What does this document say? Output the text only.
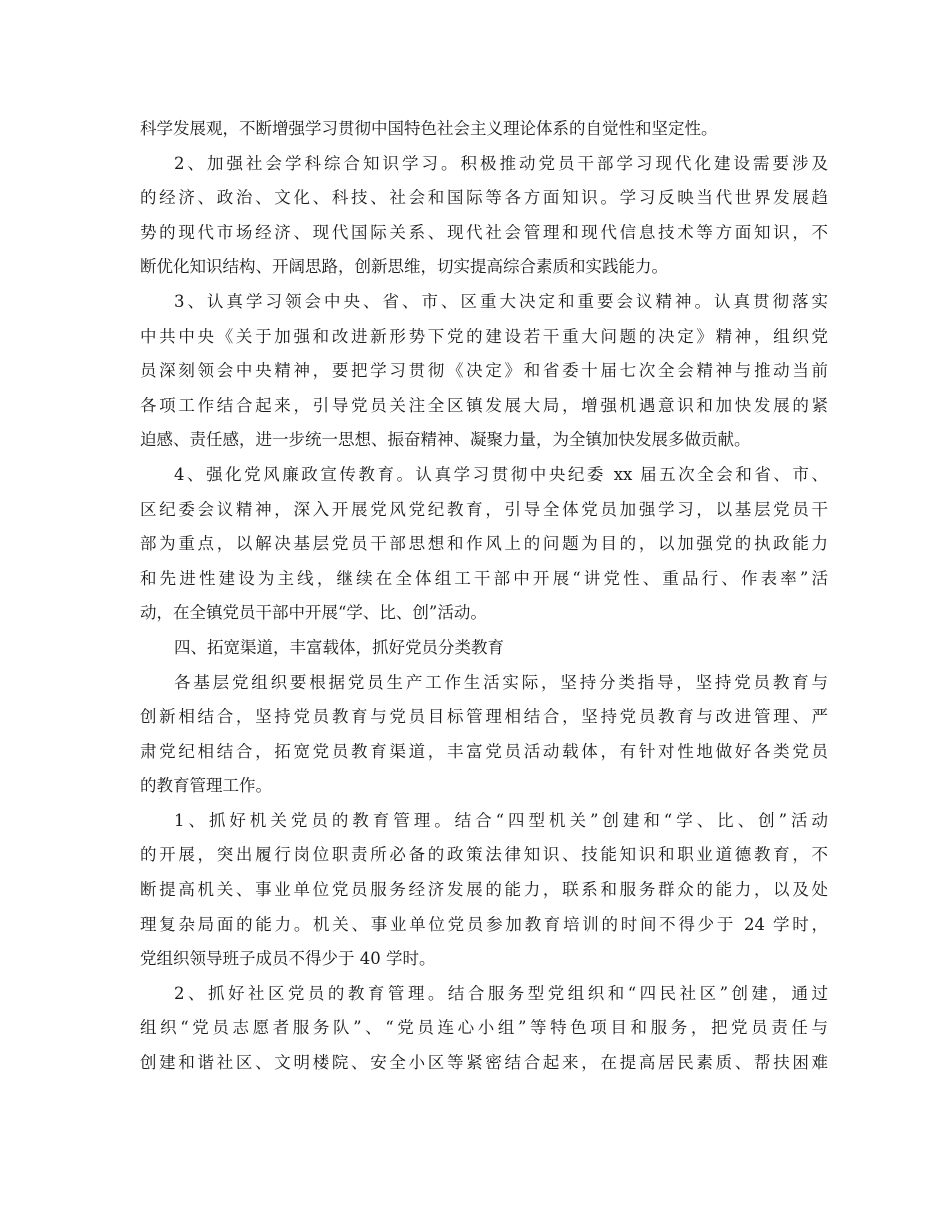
科学发展观，不断增强学习贯彻中国特色社会主义理论体系的自觉性和坚定性。
2、加强社会学科综合知识学习。积极推动党员干部学习现代化建设需要涉及
的经济、政治、文化、科技、社会和国际等各方面知识。学习反映当代世界发展趋
势的现代市场经济、现代国际关系、现代社会管理和现代信息技术等方面知识，不
断优化知识结构、开阔思路，创新思维，切实提高综合素质和实践能力。
3、认真学习领会中央、省、市、区重大决定和重要会议精神。认真贯彻落实
中共中央《关于加强和改进新形势下党的建设若干重大问题的决定》精神，组织党
员深刻领会中央精神，要把学习贯彻《决定》和省委十届七次全会精神与推动当前
各项工作结合起来，引导党员关注全区镇发展大局，增强机遇意识和加快发展的紧
迫感、责任感，进一步统一思想、振奋精神、凝聚力量，为全镇加快发展多做贡献。
4、强化党风廉政宣传教育。认真学习贯彻中央纪委 xx 届五次全会和省、市、
区纪委会议精神，深入开展党风党纪教育，引导全体党员加强学习，以基层党员干
部为重点，以解决基层党员干部思想和作风上的问题为目的，以加强党的执政能力
和先进性建设为主线，继续在全体组工干部中开展“讲党性、重品行、作表率”活
动，在全镇党员干部中开展“学、比、创”活动。
四、拓宽渠道，丰富载体，抓好党员分类教育
各基层党组织要根据党员生产工作生活实际，坚持分类指导，坚持党员教育与
创新相结合，坚持党员教育与党员目标管理相结合，坚持党员教育与改进管理、严
肃党纪相结合，拓宽党员教育渠道，丰富党员活动载体，有针对性地做好各类党员
的教育管理工作。
1、抓好机关党员的教育管理。结合“四型机关”创建和“学、比、创”活动
的开展，突出履行岗位职责所必备的政策法律知识、技能知识和职业道德教育，不
断提高机关、事业单位党员服务经济发展的能力，联系和服务群众的能力，以及处
理复杂局面的能力。机关、事业单位党员参加教育培训的时间不得少于 24 学时，
党组织领导班子成员不得少于 40 学时。
2、抓好社区党员的教育管理。结合服务型党组织和“四民社区”创建，通过
组织“党员志愿者服务队”、“党员连心小组”等特色项目和服务，把党员责任与
创建和谐社区、文明楼院、安全小区等紧密结合起来，在提高居民素质、帮扶困难
